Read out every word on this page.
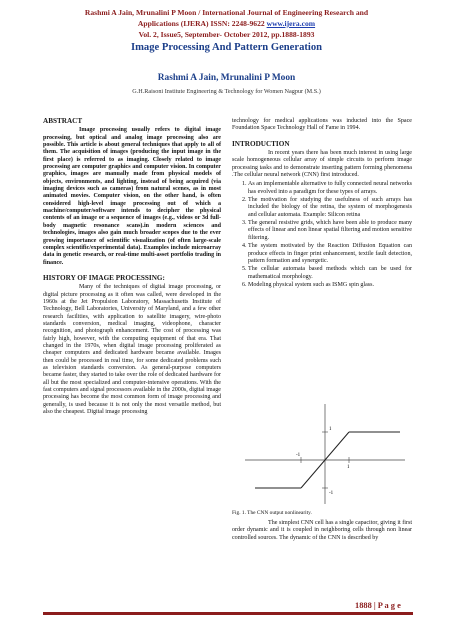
Rashmi A Jain, Mrunalini P Moon / International Journal of Engineering Research and
Applications (IJERA) ISSN: 2248-9622 www.ijera.com
Vol. 2, Issue5, September- October 2012, pp.1888-1893
Image Processing And Pattern Generation
Rashmi A Jain, Mrunalini P Moon
G.H.Raisoni Institute Engineering & Technology for Women Nagpur (M.S.)
ABSTRACT

Image processing usually refers to digital image processing, but optical and analog image processing also are possible. This article is about general techniques that apply to all of them. The acquisition of images (producing the input image in the first place) is referred to as imaging. Closely related to image processing are computer graphics and computer vision. In computer graphics, images are manually made from physical models of objects, environments, and lighting, instead of being acquired (via imaging devices such as cameras) from natural scenes, as in most animated movies. Computer vision, on the other hand, is often considered high-level image processing out of which a machine/computer/software intends to decipher the physical contents of an image or a sequence of images (e.g., videos or 3d full-body magnetic resonance scans).in modern sciences and technologies, images also gain much broader scopes due to the ever growing importance of scientific visualization (of often large-scale complex scientific/experimental data). Examples include microarray data in genetic research, or real-time multi-asset portfolio trading in finance.

HISTORY OF IMAGE PROCESSING:

Many of the techniques of digital image processing, or digital picture processing as it often was called, were developed in the 1960s at the Jet Propulsion Laboratory, Massachusetts Institute of Technology, Bell Laboratories, University of Maryland, and a few other research facilities, with application to satellite imagery, wire-photo standards conversion, medical imaging, videophone, character recognition, and photograph enhancement. The cost of processing was fairly high, however, with the computing equipment of that era. That changed in the 1970s, when digital image processing proliferated as cheaper computers and dedicated hardware became available. Images then could be processed in real time, for some dedicated problems such as television standards conversion. As general-purpose computers became faster, they started to take over the role of dedicated hardware for all but the most specialized and computer-intensive operations. With the fast computers and signal processors available in the 2000s, digital image processing has become the most common form of image processing and generally, is used because it is not only the most versatile method, but also the cheapest. Digital image processing

technology for medical applications was inducted into the Space Foundation Space Technology Hall of Fame in 1994.

INTRODUCTION

In recent years there has been much interest in using large scale homogeneous cellular array of simple circuits to perform image processing tasks and to demonstrate inserting pattern forming phenomena .The cellular neural network (CNN) first introduced.

1. As an implementable alternative to fully connected neural networks has evolved into a paradigm for these types of arrays.
2. The motivation for studying the usefulness of such arrays has included the biology of the retina, the system of morphogenesis and cellular automata. Example: Silicon retina
3. The general resistive grids, which have been able to produce many effects of linear and non linear spatial filtering and motion sensitive filtering.
4. The system motivated by the Reaction Diffusion Equation can produce effects in finger print enhancement, textile fault detection, pattern formation and synergetic.
5. The cellular automata based methods which can be used for mathematical morphology.
6. Modeling physical system such as ISMG spin glass.
1
-1
-1
1
Fig. 1. The CNN output nonlinearity.

The simplest CNN cell has a single capacitor, giving it first order dynamic and it is coupled in neighboring cells through non linear controlled sources. The dynamic of the CNN is described by

1888 | P a g e
